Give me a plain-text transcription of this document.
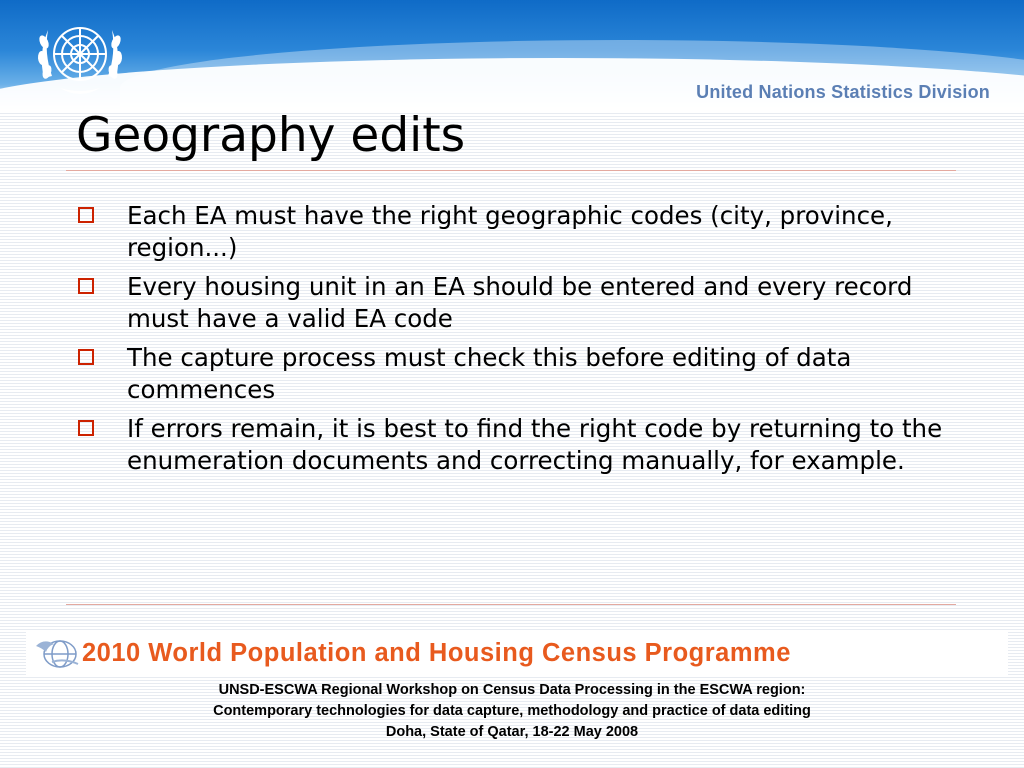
United Nations Statistics Division
Geography edits
Each EA must have the right geographic codes (city, province, region...)
Every housing unit in an EA should be entered and every record must have a valid EA code
The capture process must check this before editing of data commences
If errors remain, it is best to find the right code by returning to the enumeration documents and correcting manually, for example.
2010 World Population and Housing Census Programme
UNSD-ESCWA Regional Workshop on Census Data Processing in the ESCWA region:
Contemporary technologies for data capture, methodology and practice of data editing
Doha, State of Qatar, 18-22 May 2008
